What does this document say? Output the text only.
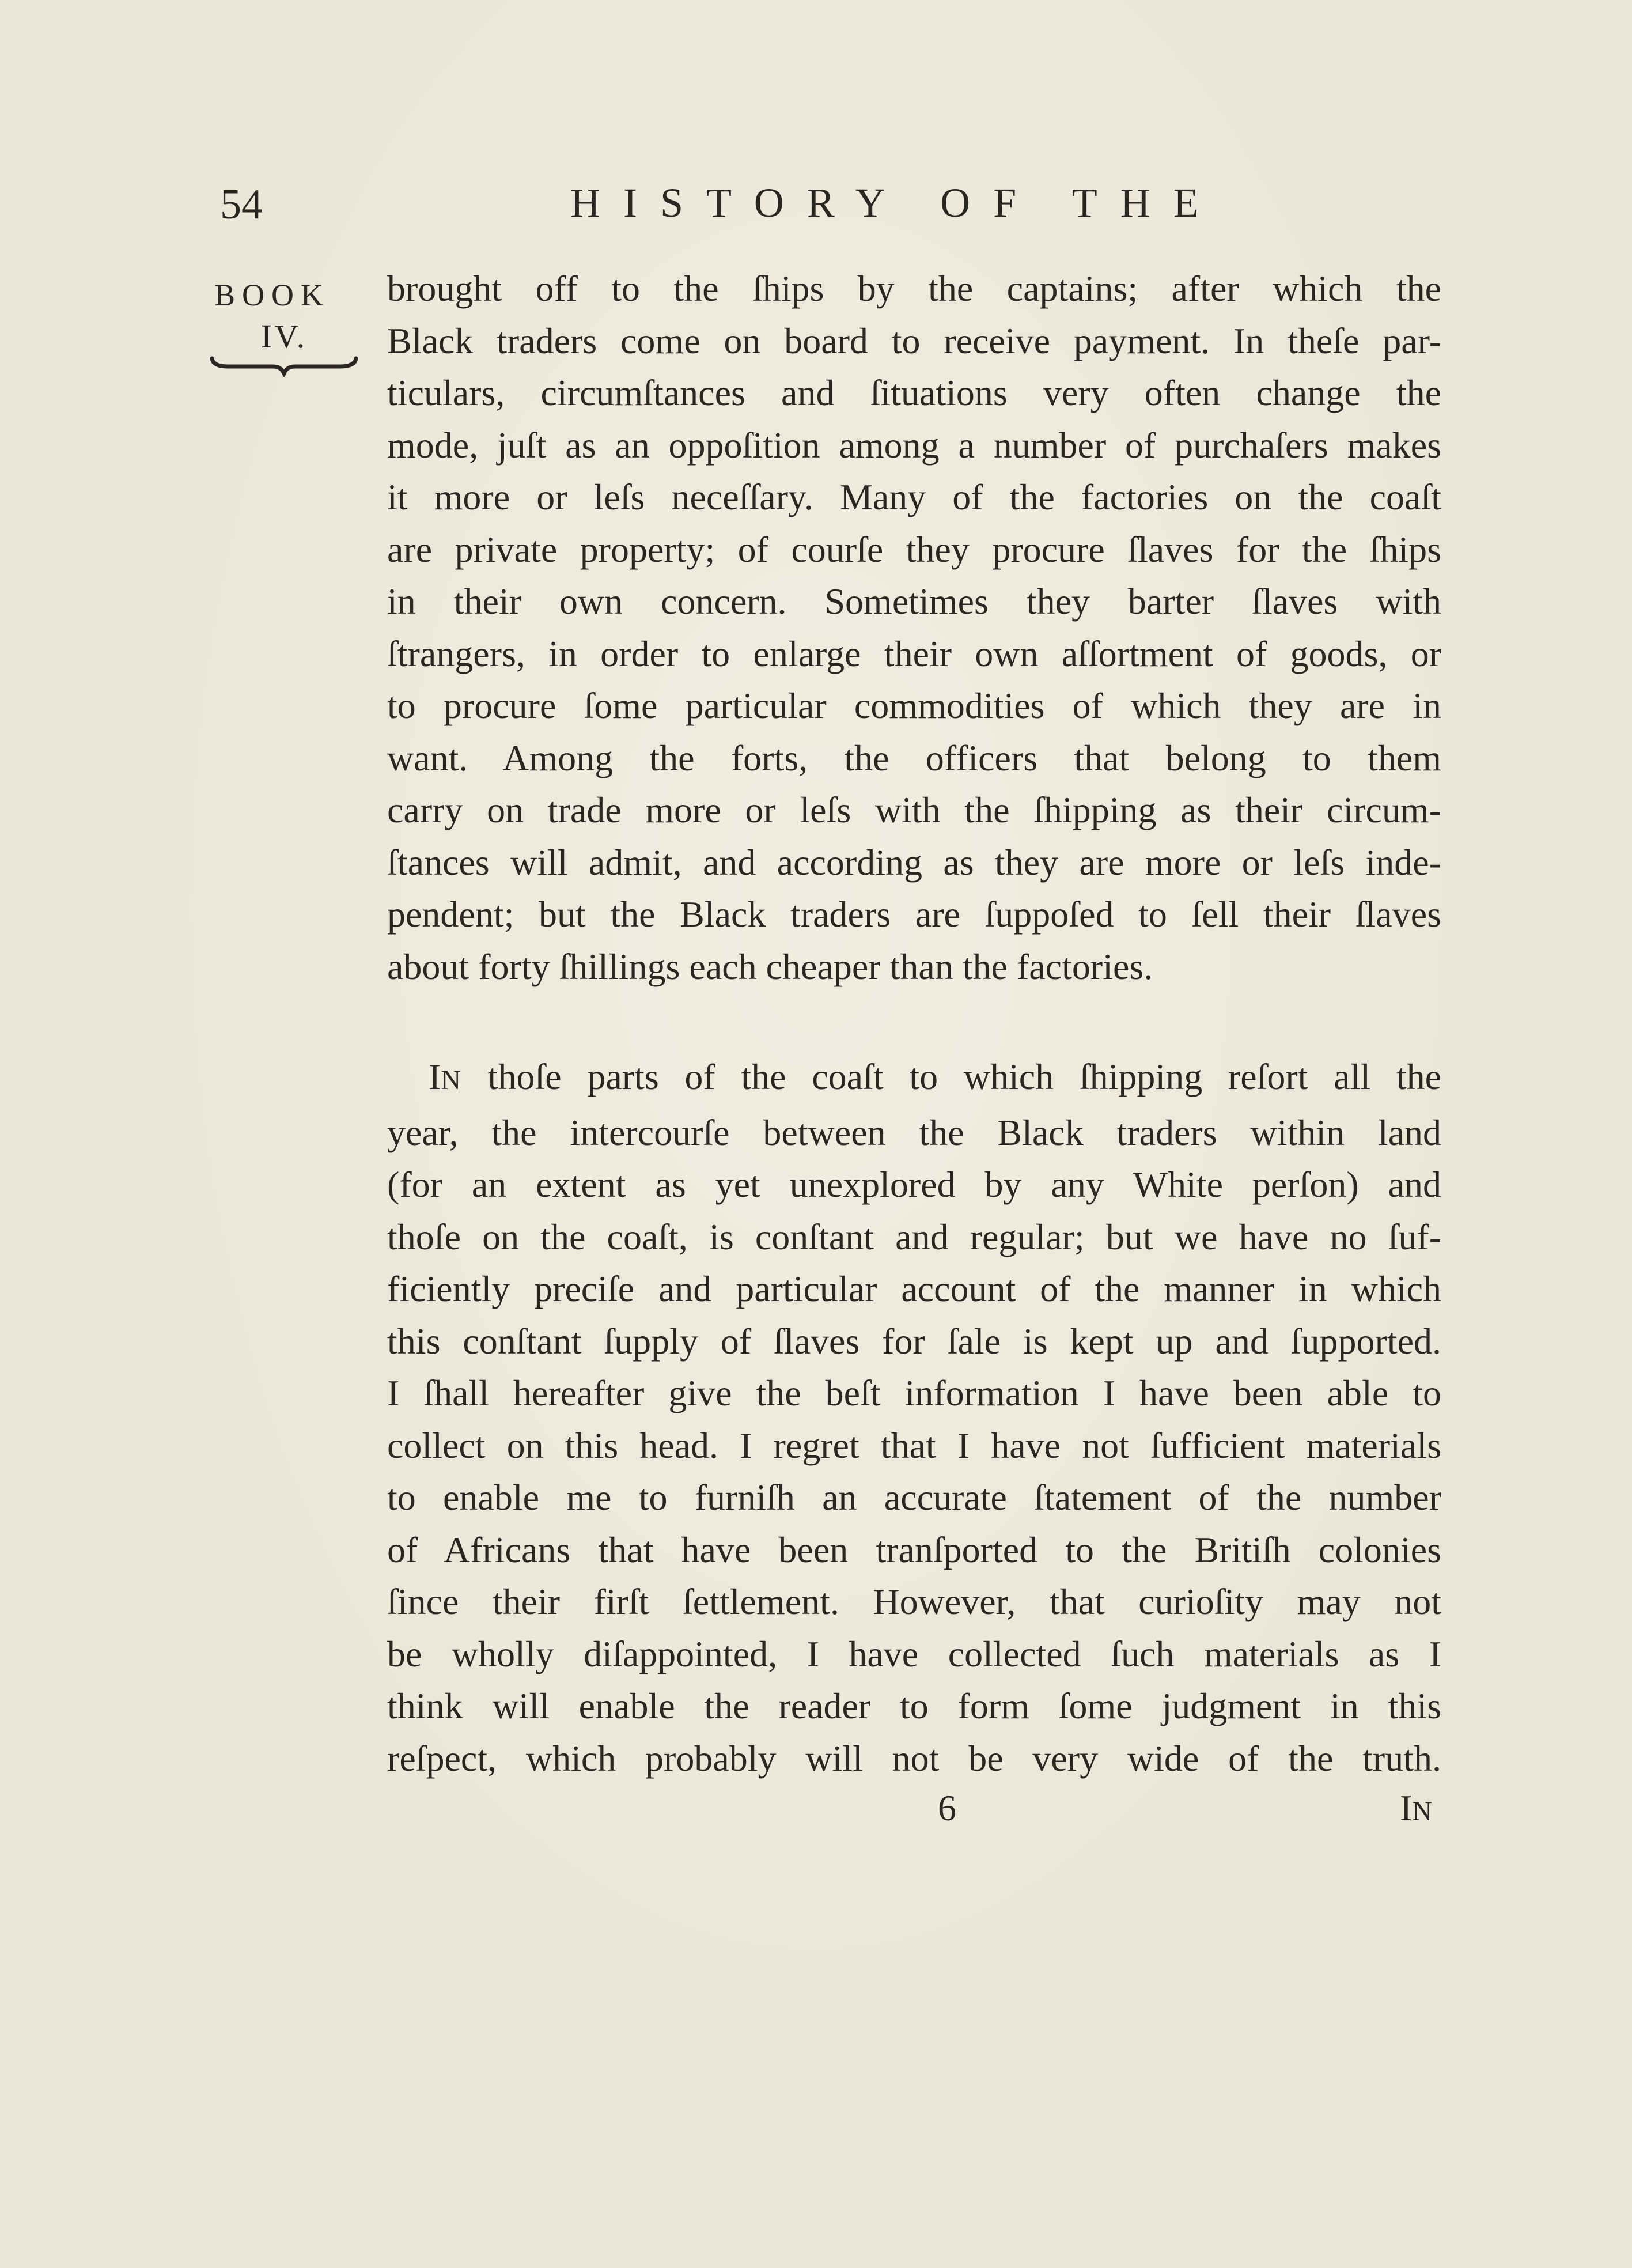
54	HISTORY OF THE
BOOK
IV.
brought off to the ſhips by the captains; after which the
Black traders come on board to receive payment. In theſe par-
ticulars, circumſtances and ſituations very often change the
mode, juſt as an oppoſition among a number of purchaſers makes
it more or leſs neceſſary. Many of the factories on the coaſt
are private property; of courſe they procure ſlaves for the ſhips
in their own concern. Sometimes they barter ſlaves with
ſtrangers, in order to enlarge their own aſſortment of goods, or
to procure ſome particular commodities of which they are in
want. Among the forts, the officers that belong to them
carry on trade more or leſs with the ſhipping as their circum-
ſtances will admit, and according as they are more or leſs inde-
pendent; but the Black traders are ſuppoſed to ſell their ſlaves
about forty ſhillings each cheaper than the factories.
IN thoſe parts of the coaſt to which ſhipping reſort all the
year, the intercourſe between the Black traders within land
(for an extent as yet unexplored by any White perſon) and
thoſe on the coaſt, is conſtant and regular; but we have no ſuf-
ficiently preciſe and particular account of the manner in which
this conſtant ſupply of ſlaves for ſale is kept up and ſupported.
I ſhall hereafter give the beſt information I have been able to
collect on this head. I regret that I have not ſufficient materials
to enable me to furniſh an accurate ſtatement of the number
of Africans that have been tranſported to the Britiſh colonies
ſince their firſt ſettlement. However, that curioſity may not
be wholly diſappointed, I have collected ſuch materials as I
think will enable the reader to form ſome judgment in this
reſpect, which probably will not be very wide of the truth.
6	IN
